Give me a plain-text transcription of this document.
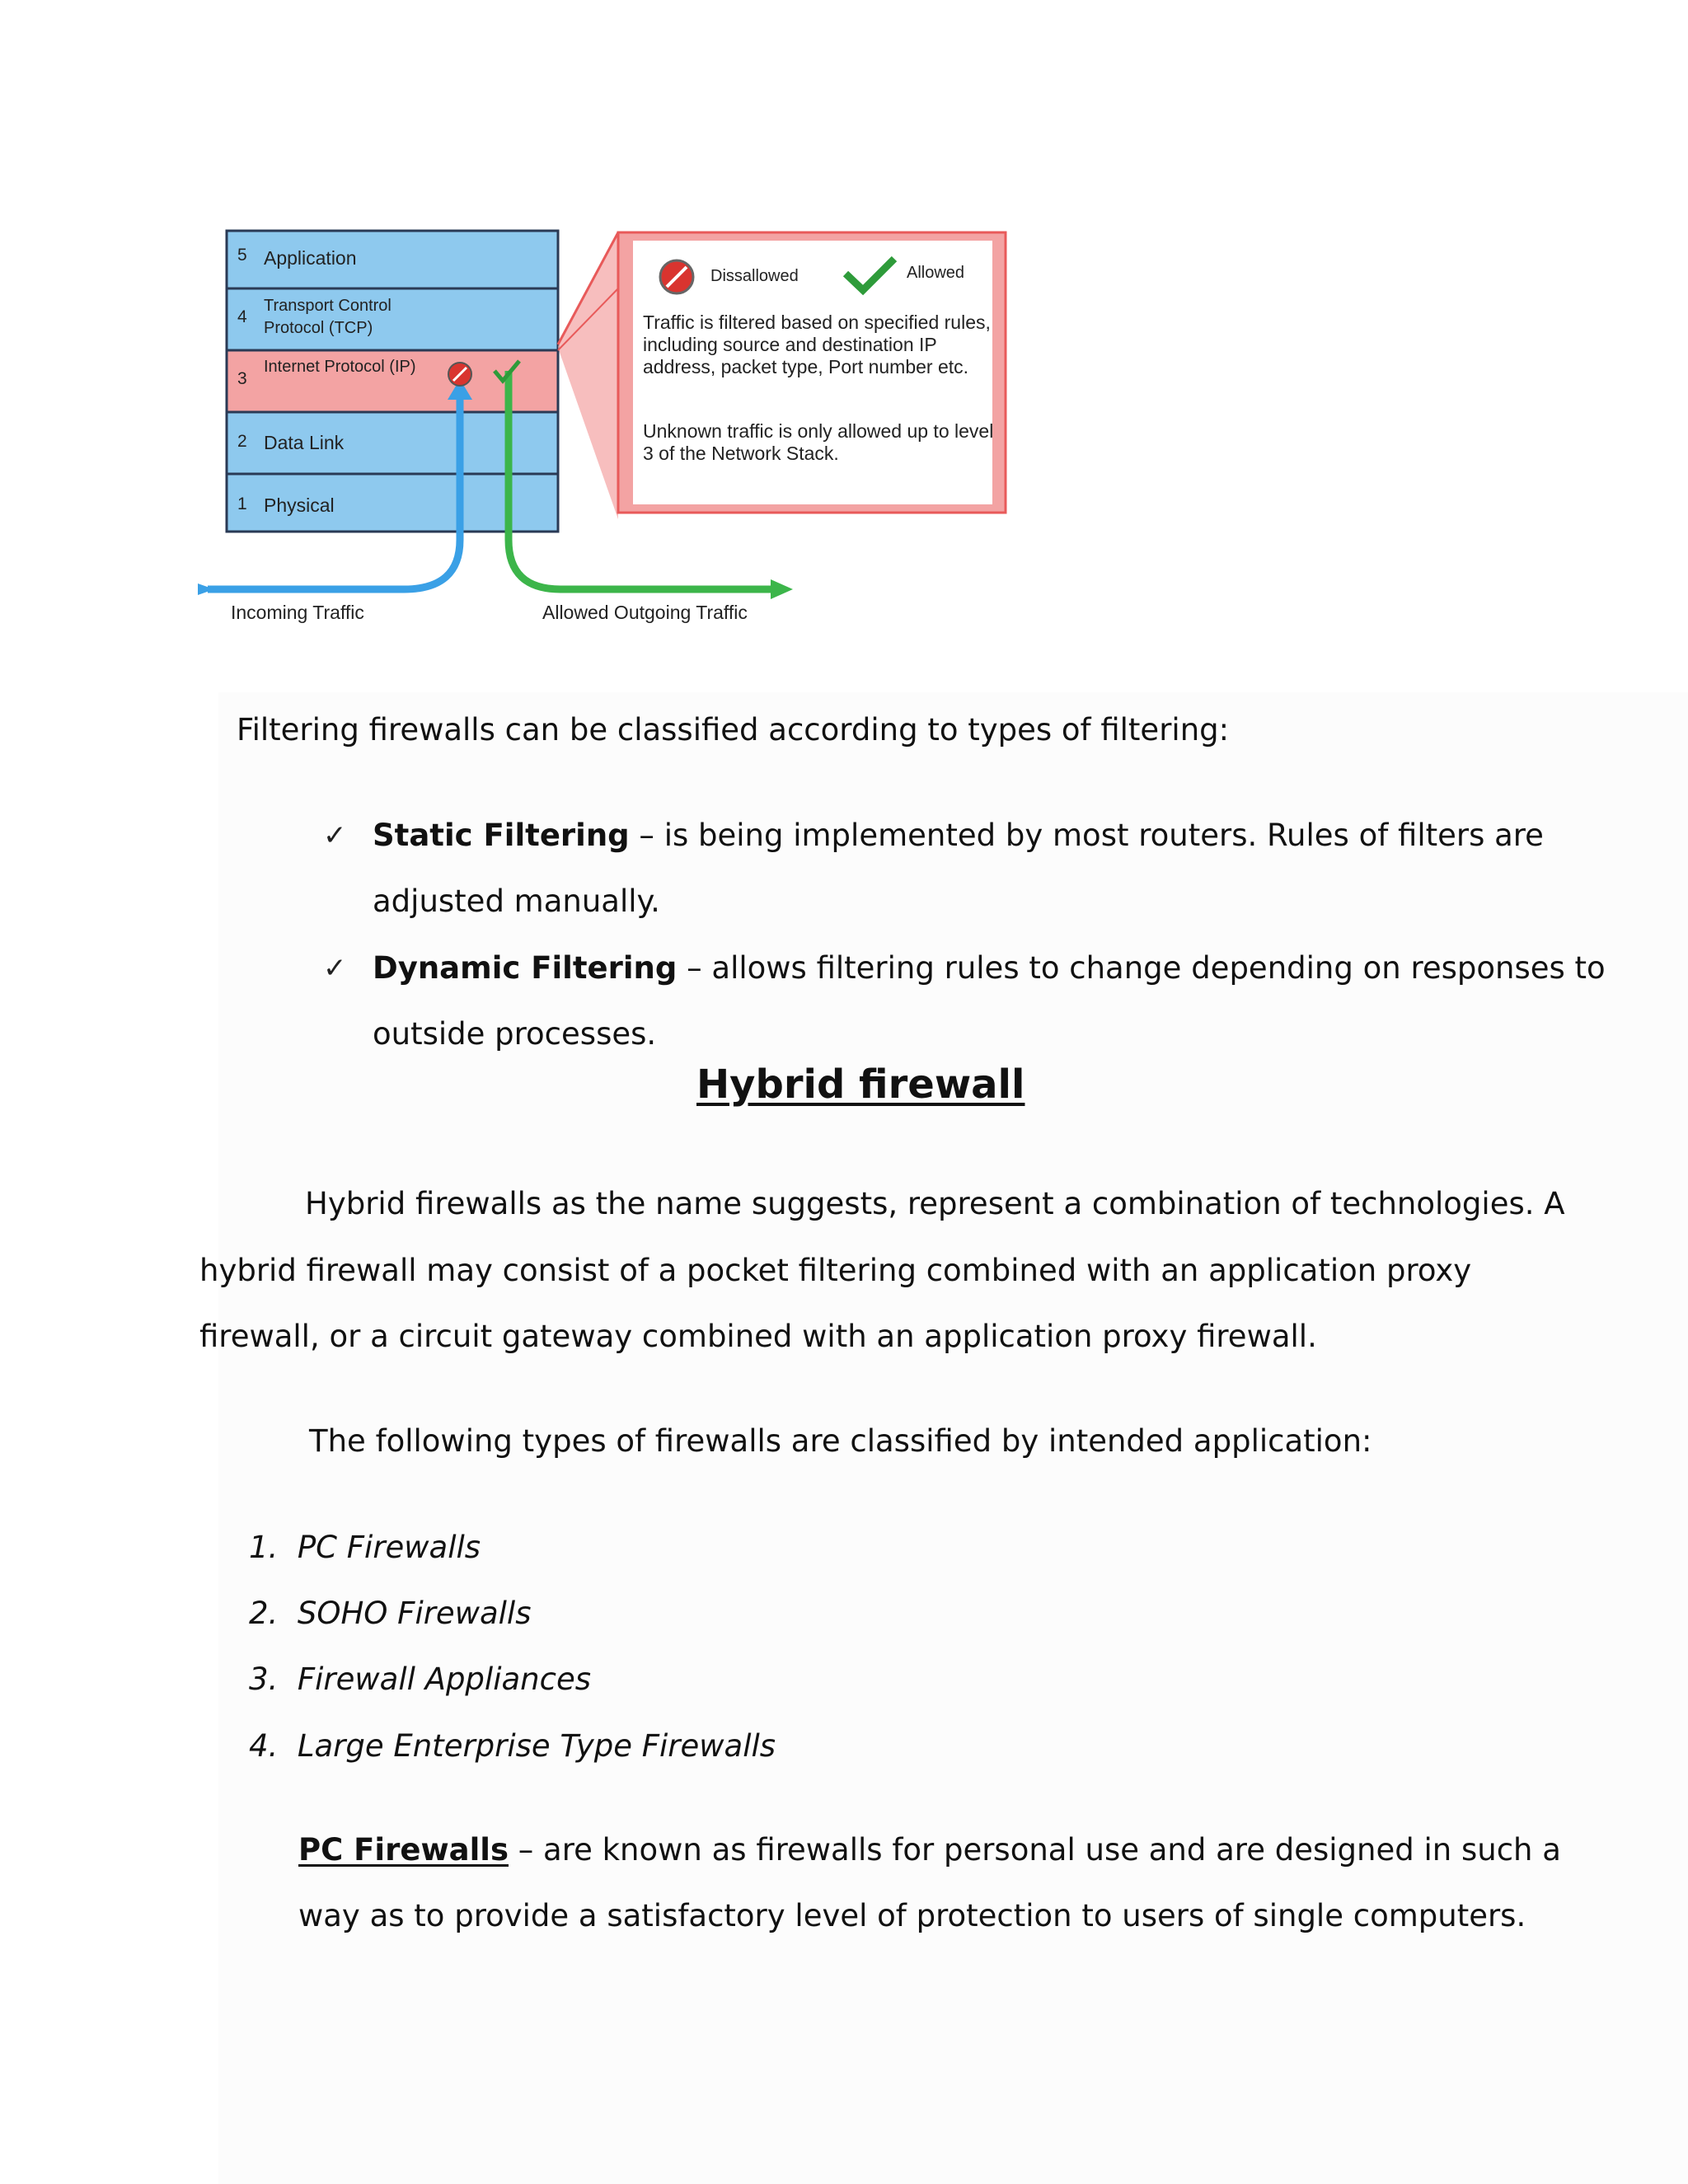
5 Application
4
Transport Control Protocol (TCP)
3
Internet Protocol (IP)
2 Data Link
1 Physical
Dissallowed	Allowed
Traffic is filtered based on specified rules, including source and destination IP address, packet type, Port number etc.
Unknown traffic is only allowed up to level 3 of the Network Stack.
Incoming Traffic	Allowed Outgoing Traffic
Filtering firewalls can be classified according to types of filtering:
✓ Static Filtering – is being implemented by most routers. Rules of filters are
adjusted manually.
✓ Dynamic Filtering – allows filtering rules to change depending on responses to
outside processes.
Hybrid firewall
Hybrid firewalls as the name suggests, represent a combination of technologies. A
hybrid firewall may consist of a pocket filtering combined with an application proxy
firewall, or a circuit gateway combined with an application proxy firewall.
The following types of firewalls are classified by intended application:
1. PC Firewalls
2. SOHO Firewalls
3. Firewall Appliances
4. Large Enterprise Type Firewalls
PC Firewalls – are known as firewalls for personal use and are designed in such a
way as to provide a satisfactory level of protection to users of single computers.
